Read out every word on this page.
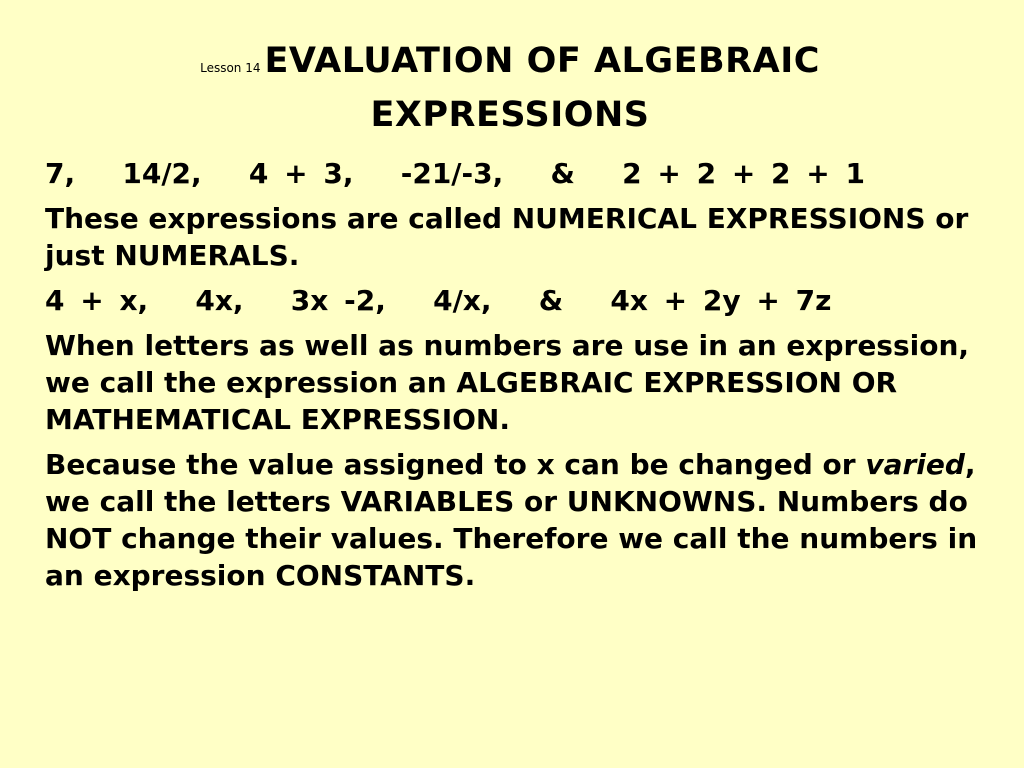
Lesson 14 EVALUATION OF ALGEBRAIC EXPRESSIONS

7,   14/2,   4 + 3,   -21/-3,   &   2 + 2 + 2 + 1

These expressions are called NUMERICAL EXPRESSIONS or just NUMERALS.

4 + x,   4x,   3x -2,   4/x,   &   4x + 2y + 7z

When letters as well as numbers are use in an expression, we call the expression an ALGEBRAIC EXPRESSION OR MATHEMATICAL EXPRESSION.

Because the value assigned to x can be changed or varied, we call the letters VARIABLES or UNKNOWNS. Numbers do NOT change their values. Therefore we call the numbers in an expression CONSTANTS.
